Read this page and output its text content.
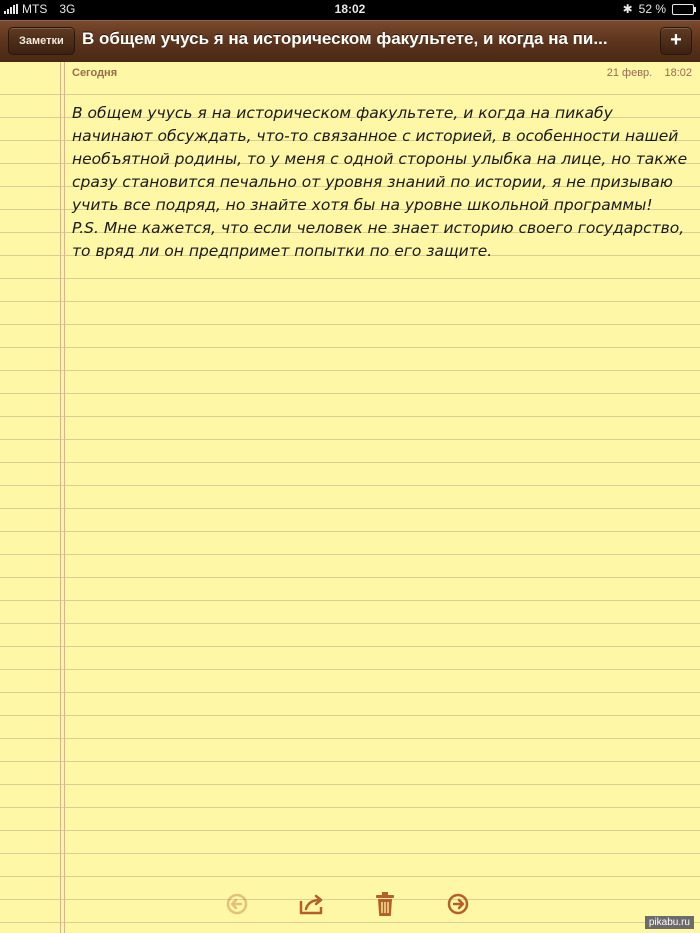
MTS 3G	18:02	✱ 52 %
Заметки	В общем учусь я на историческом факультете, и когда на пи...	+
Сегодня	21 февр. 18:02

В общем учусь я на историческом факультете, и когда на пикабу начинают обсуждать, что-то связанное с историей, в особенности нашей необъятной родины, то у меня с одной стороны улыбка на лице, но также сразу становится печально от уровня знаний по истории, я не призываю учить все подряд, но знайте хотя бы на уровне школьной программы!

P.S. Мне кажется, что если человек не знает историю своего государство, то вряд ли он предпримет попытки по его защите.

pikabu.ru
